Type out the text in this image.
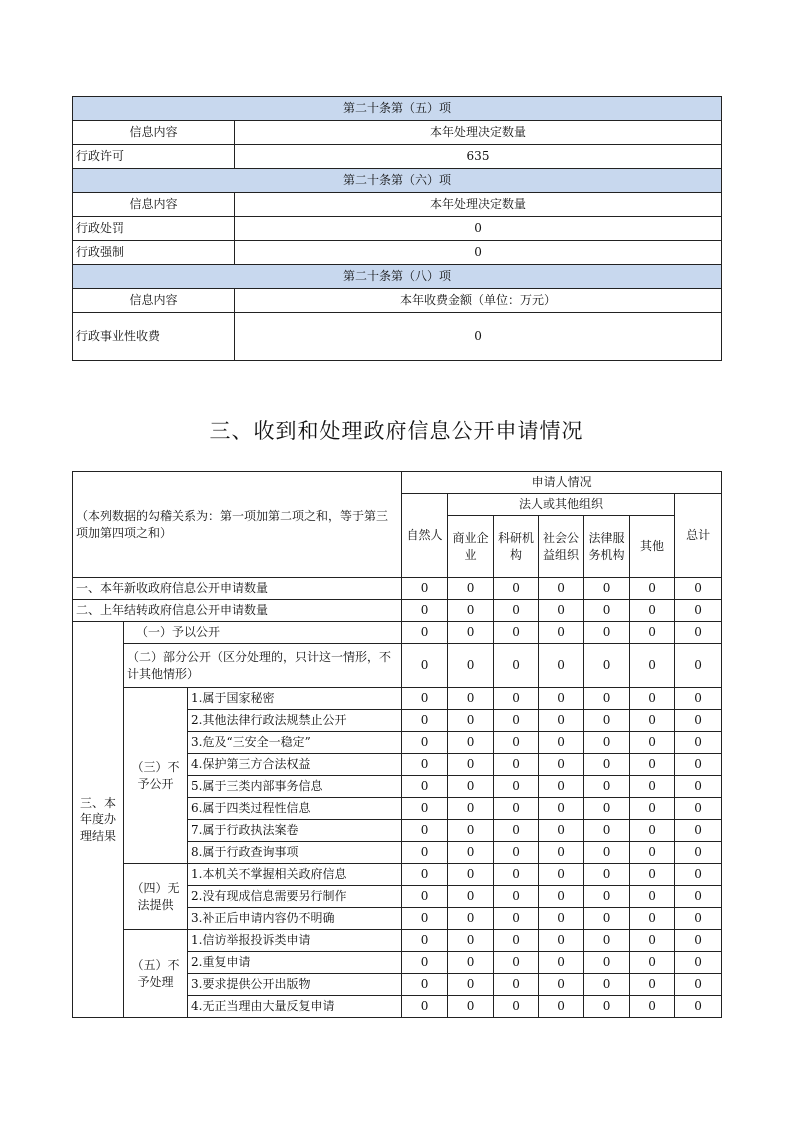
第二十条第（五）项	
信息内容	本年处理决定数量
行政许可	635
第二十条第（六）项	
信息内容	本年处理决定数量
行政处罚	0
行政强制	0
第二十条第（八）项	
信息内容	本年收费金额（单位：万元）
行政事业性收费	0
三、收到和处理政府信息公开申请情况
（本列数据的勾稽关系为：第一项加第二项之和，等于第三项加第四项之和）			申请人情况						
			自然人	法人或其他组织					总计
				商业企业	科研机构	社会公益组织	法律服务机构	其他	
一、本年新收政府信息公开申请数量			0	0	0	0	0	0	0
二、上年结转政府信息公开申请数量			0	0	0	0	0	0	0
三、本年度办理结果	（一）予以公开		0	0	0	0	0	0	0
	（二）部分公开（区分处理的，只计这一情形，不计其他情形）		0	0	0	0	0	0	0
	（三）不予公开	1.属于国家秘密	0	0	0	0	0	0	0
		2.其他法律行政法规禁止公开	0	0	0	0	0	0	0
		3.危及“三安全一稳定”	0	0	0	0	0	0	0
		4.保护第三方合法权益	0	0	0	0	0	0	0
		5.属于三类内部事务信息	0	0	0	0	0	0	0
		6.属于四类过程性信息	0	0	0	0	0	0	0
		7.属于行政执法案卷	0	0	0	0	0	0	0
		8.属于行政查询事项	0	0	0	0	0	0	0
	（四）无法提供	1.本机关不掌握相关政府信息	0	0	0	0	0	0	0
		2.没有现成信息需要另行制作	0	0	0	0	0	0	0
		3.补正后申请内容仍不明确	0	0	0	0	0	0	0
	（五）不予处理	1.信访举报投诉类申请	0	0	0	0	0	0	0
		2.重复申请	0	0	0	0	0	0	0
		3.要求提供公开出版物	0	0	0	0	0	0	0
		4.无正当理由大量反复申请	0	0	0	0	0	0	0
